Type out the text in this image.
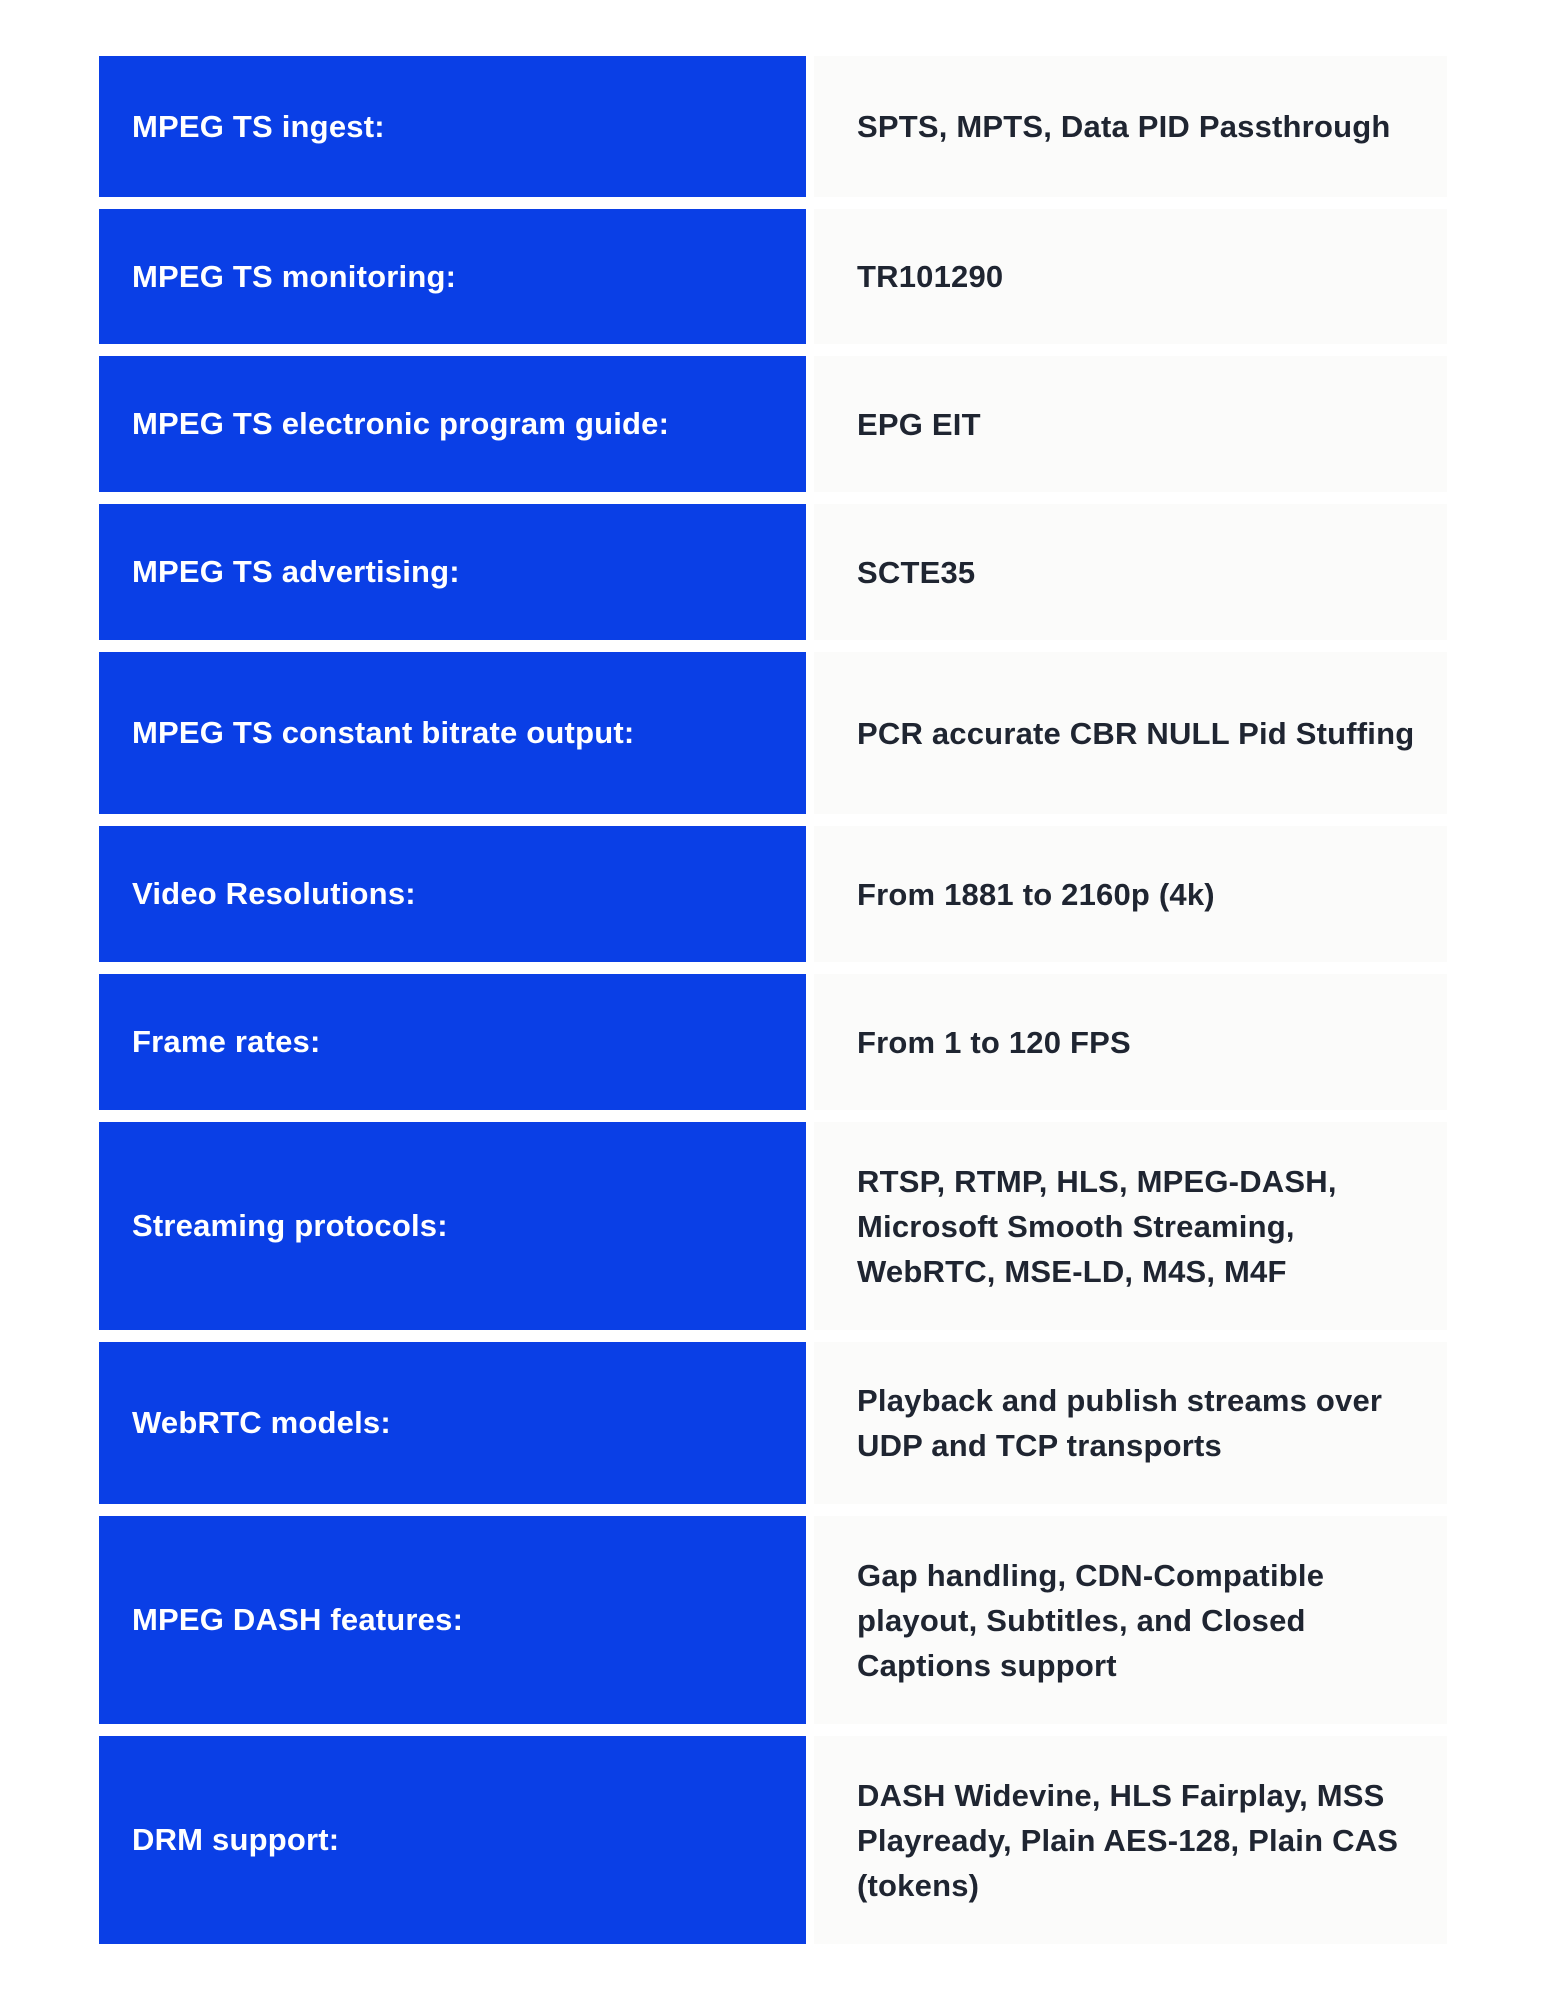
MPEG TS ingest:	SPTS, MPTS, Data PID Passthrough
MPEG TS monitoring:	TR101290
MPEG TS electronic program guide:	EPG EIT
MPEG TS advertising:	SCTE35
MPEG TS constant bitrate output:	PCR accurate CBR NULL Pid Stuffing
Video Resolutions:	From 1881 to 2160p (4k)
Frame rates:	From 1 to 120 FPS
Streaming protocols:
RTSP, RTMP, HLS, MPEG-DASH, Microsoft Smooth Streaming, WebRTC, MSE-LD, M4S, M4F
WebRTC models:
Playback and publish streams over UDP and TCP transports
MPEG DASH features:
Gap handling, CDN-Compatible playout, Subtitles, and Closed Captions support
DRM support:
DASH Widevine, HLS Fairplay, MSS Playready, Plain AES-128, Plain CAS (tokens)
